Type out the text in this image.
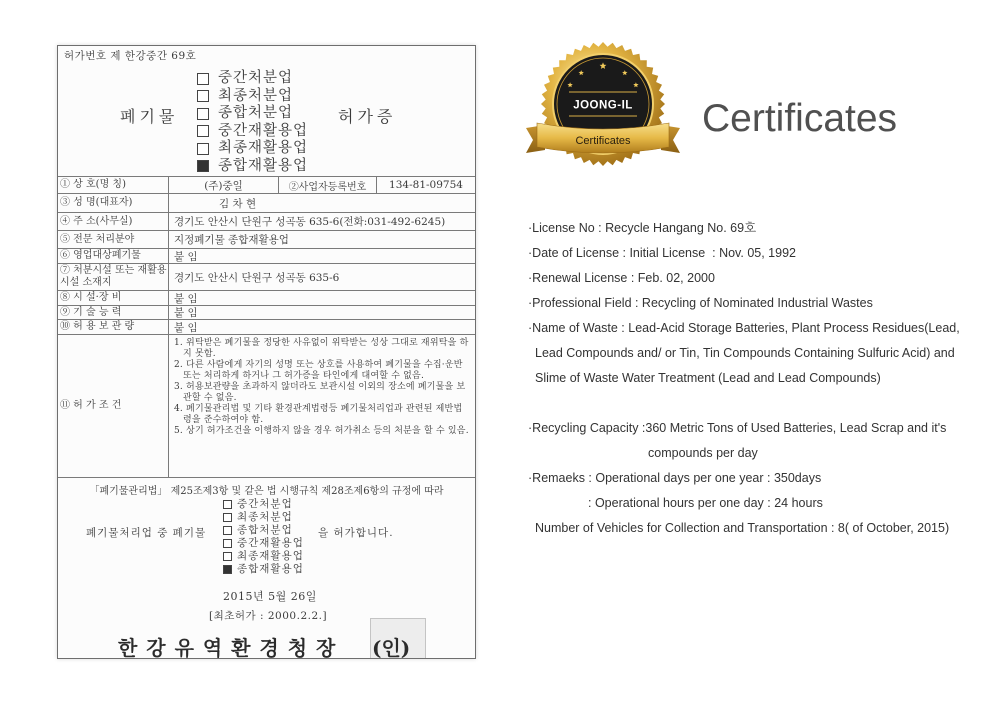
허가번호 제 한강중간 69호
폐기물
중간처분업
최종처분업
종합처분업
중간재활용업
최종재활용업
종합재활용업
허가증
① 상 호(명 칭)	(주)중일	②사업자등록번호	134-81-09754
③ 성 명(대표자)	김 차 현
④ 주 소(사무실)	경기도 안산시 단원구 성곡동 635-6(전화:031-492-6245)
⑤ 전문 처리분야	지정폐기물 종합재활용업
⑥ 영업대상폐기물	붙 임
⑦ 처분시설 또는 재활용시설 소재지	경기도 안산시 단원구 성곡동 635-6
⑧ 시 설·장 비	붙 임
⑨ 기 술 능 력	붙 임
⑩ 허 용 보 관 량	붙 임
⑪ 허 가 조 건
1. 위탁받은 폐기물을 정당한 사유없이 위탁받는 성상 그대로 재위탁을 하지 못함.
2. 다른 사람에게 자기의 성명 또는 상호를 사용하여 폐기물을 수집·운반 또는 처리하게 하거나 그 허가증을 타인에게 대여할 수 없음.
3. 허용보관량을 초과하지 않더라도 보관시설 이외의 장소에 폐기물을 보관할 수 없음.
4. 폐기물관리법 및 기타 환경관계법령등 폐기물처리업과 관련된 제반법령을 준수하여야 함.
5. 상기 허가조건을 이행하지 않을 경우 허가취소 등의 처분을 할 수 있음.
「폐기물관리법」 제25조제3항 및 같은 법 시행규칙 제28조제6항의 규정에 따라
폐기물처리업 중 폐기물
중간처분업
최종처분업
종합처분업
중간재활용업
최종재활용업
종합재활용업
을 허가합니다.
2015년 5월 26일
[최초허가 : 2000.2.2.]
한 강 유 역 환 경 청 장 (인)
JOONG-IL
Certificates
Certificates
·License No : Recycle Hangang No. 69호
·Date of License : Initial License  : Nov. 05, 1992
·Renewal License : Feb. 02, 2000
·Professional Field : Recycling of Nominated Industrial Wastes
·Name of Waste : Lead-Acid Storage Batteries, Plant Process Residues(Lead,
Lead Compounds and/ or Tin, Tin Compounds Containing Sulfuric Acid) and
Slime of Waste Water Treatment (Lead and Lead Compounds)
·Recycling Capacity :360 Metric Tons of Used Batteries, Lead Scrap and it's
compounds per day
·Remaeks : Operational days per one year : 350days
: Operational hours per one day : 24 hours
Number of Vehicles for Collection and Transportation : 8( of October, 2015)
